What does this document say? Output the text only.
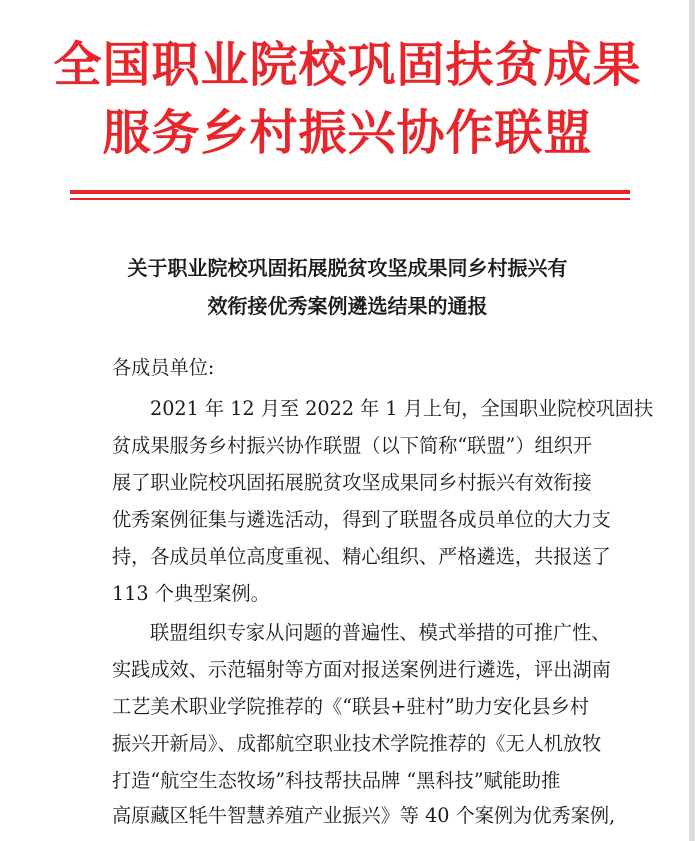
全国职业院校巩固扶贫成果
服务乡村振兴协作联盟
关于职业院校巩固拓展脱贫攻坚成果同乡村振兴有
效衔接优秀案例遴选结果的通报

各成员单位:

2021 年 12 月至 2022 年 1 月上旬，全国职业院校巩固扶

贫成果服务乡村振兴协作联盟（以下简称“联盟”）组织开

展了职业院校巩固拓展脱贫攻坚成果同乡村振兴有效衔接

优秀案例征集与遴选活动，得到了联盟各成员单位的大力支

持，各成员单位高度重视、精心组织、严格遴选，共报送了

113 个典型案例。

联盟组织专家从问题的普遍性、模式举措的可推广性、

实践成效、示范辐射等方面对报送案例进行遴选，评出湖南

工艺美术职业学院推荐的《“联县+驻村”助力安化县乡村

振兴开新局》、成都航空职业技术学院推荐的《无人机放牧

打造“航空生态牧场”科技帮扶品牌 “黑科技”赋能助推

高原藏区牦牛智慧养殖产业振兴》等 40 个案例为优秀案例,
